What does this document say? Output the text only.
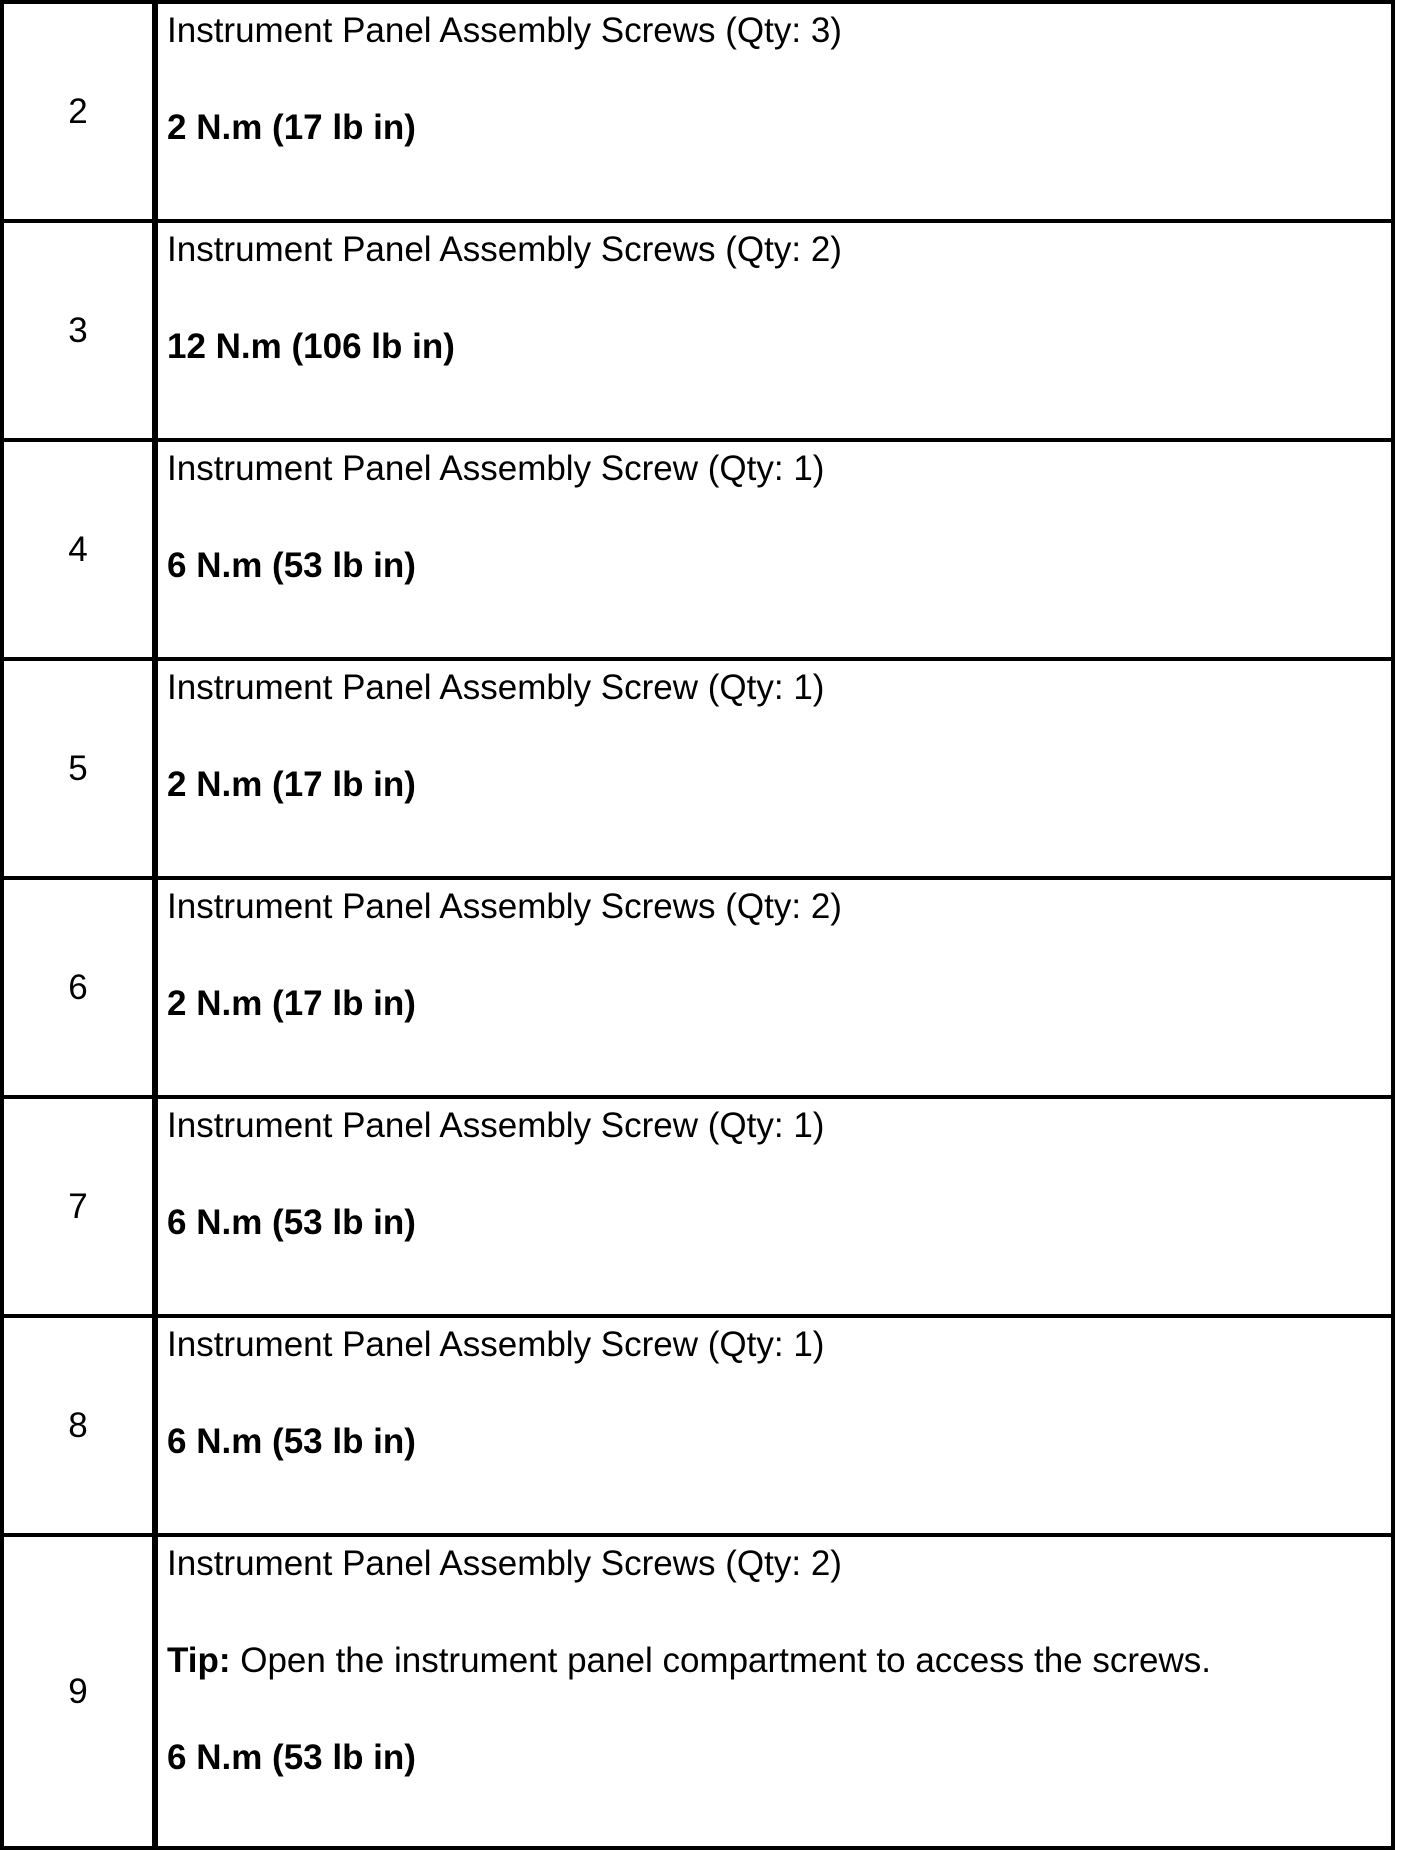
2	Instrument Panel Assembly Screws (Qty: 3)
2 N.m (17 lb in)

3	Instrument Panel Assembly Screws (Qty: 2)
12 N.m (106 lb in)

4	Instrument Panel Assembly Screw (Qty: 1)
6 N.m (53 lb in)

5	Instrument Panel Assembly Screw (Qty: 1)
2 N.m (17 lb in)

6	Instrument Panel Assembly Screws (Qty: 2)
2 N.m (17 lb in)

7	Instrument Panel Assembly Screw (Qty: 1)
6 N.m (53 lb in)

8	Instrument Panel Assembly Screw (Qty: 1)
6 N.m (53 lb in)

9	Instrument Panel Assembly Screws (Qty: 2)
Tip: Open the instrument panel compartment to access the screws.
6 N.m (53 lb in)
